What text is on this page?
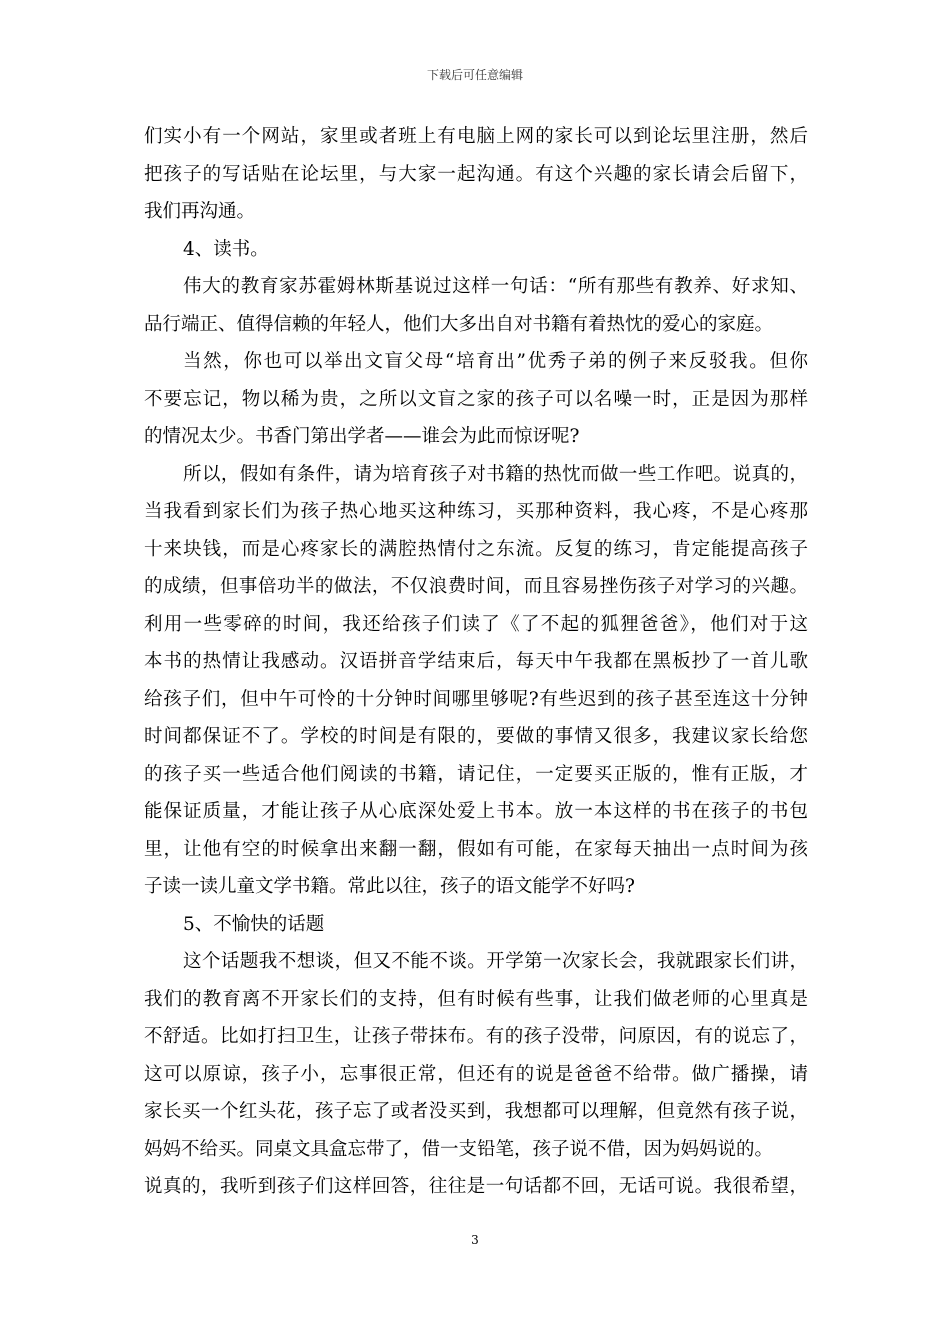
下载后可任意编辑
们实小有一个网站，家里或者班上有电脑上网的家长可以到论坛里注册，然后
把孩子的写话贴在论坛里，与大家一起沟通。有这个兴趣的家长请会后留下，
我们再沟通。
4、读书。
伟大的教育家苏霍姆林斯基说过这样一句话：“所有那些有教养、好求知、
品行端正、值得信赖的年轻人，他们大多出自对书籍有着热忱的爱心的家庭。
当然，你也可以举出文盲父母“培育出”优秀子弟的例子来反驳我。但你
不要忘记，物以稀为贵，之所以文盲之家的孩子可以名噪一时，正是因为那样
的情况太少。书香门第出学者——谁会为此而惊讶呢?
所以，假如有条件，请为培育孩子对书籍的热忱而做一些工作吧。说真的，
当我看到家长们为孩子热心地买这种练习，买那种资料，我心疼，不是心疼那
十来块钱，而是心疼家长的满腔热情付之东流。反复的练习，肯定能提高孩子
的成绩，但事倍功半的做法，不仅浪费时间，而且容易挫伤孩子对学习的兴趣。
利用一些零碎的时间，我还给孩子们读了《了不起的狐狸爸爸》，他们对于这
本书的热情让我感动。汉语拼音学结束后，每天中午我都在黑板抄了一首儿歌
给孩子们，但中午可怜的十分钟时间哪里够呢?有些迟到的孩子甚至连这十分钟
时间都保证不了。学校的时间是有限的，要做的事情又很多，我建议家长给您
的孩子买一些适合他们阅读的书籍，请记住，一定要买正版的，惟有正版，才
能保证质量，才能让孩子从心底深处爱上书本。放一本这样的书在孩子的书包
里，让他有空的时候拿出来翻一翻，假如有可能，在家每天抽出一点时间为孩
子读一读儿童文学书籍。常此以往，孩子的语文能学不好吗?
5、不愉快的话题
这个话题我不想谈，但又不能不谈。开学第一次家长会，我就跟家长们讲，
我们的教育离不开家长们的支持，但有时候有些事，让我们做老师的心里真是
不舒适。比如打扫卫生，让孩子带抹布。有的孩子没带，问原因，有的说忘了，
这可以原谅，孩子小，忘事很正常，但还有的说是爸爸不给带。做广播操，请
家长买一个红头花，孩子忘了或者没买到，我想都可以理解，但竟然有孩子说，
妈妈不给买。同桌文具盒忘带了，借一支铅笔，孩子说不借，因为妈妈说的。
说真的，我听到孩子们这样回答，往往是一句话都不回，无话可说。我很希望，
3
